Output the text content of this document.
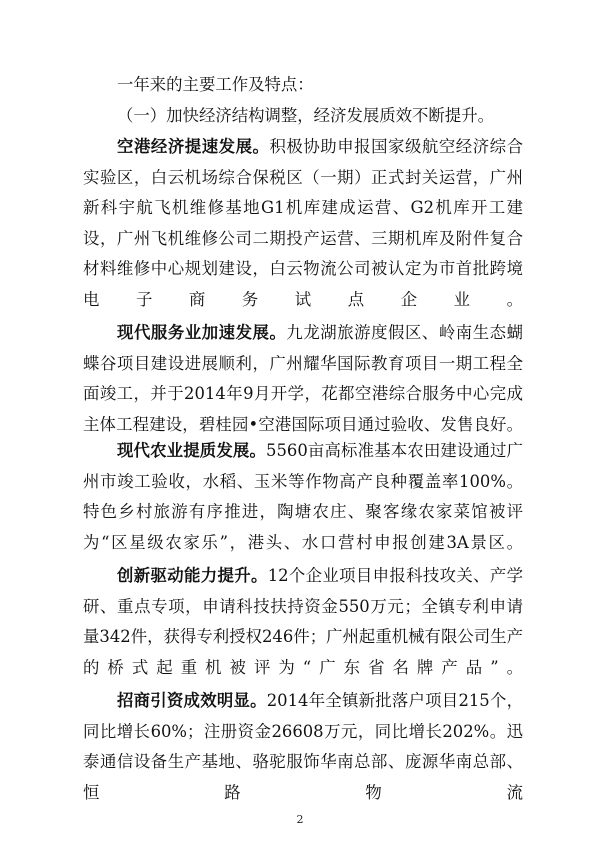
一年来的主要工作及特点：

（一）加快经济结构调整，经济发展质效不断提升。

空港经济提速发展。积极协助申报国家级航空经济综合实验区，白云机场综合保税区（一期）正式封关运营，广州新科宇航飞机维修基地G1机库建成运营、G2机库开工建设，广州飞机维修公司二期投产运营、三期机库及附件复合材料维修中心规划建设，白云物流公司被认定为市首批跨境电子商务试点企业。

现代服务业加速发展。九龙湖旅游度假区、岭南生态蝴蝶谷项目建设进展顺利，广州耀华国际教育项目一期工程全面竣工，并于2014年9月开学，花都空港综合服务中心完成主体工程建设，碧桂园•空港国际项目通过验收、发售良好。

现代农业提质发展。5560亩高标准基本农田建设通过广州市竣工验收，水稻、玉米等作物高产良种覆盖率100%。特色乡村旅游有序推进，陶塘农庄、聚客缘农家菜馆被评为“区星级农家乐”，港头、水口营村申报创建3A景区。

创新驱动能力提升。12个企业项目申报科技攻关、产学研、重点专项，申请科技扶持资金550万元；全镇专利申请量342件，获得专利授权246件；广州起重机械有限公司生产的桥式起重机被评为“广东省名牌产品”。

招商引资成效明显。2014年全镇新批落户项目215个，同比增长60%；注册资金26608万元，同比增长202%。迅泰通信设备生产基地、骆驼服饰华南总部、庞源华南总部、恒路物流

2
